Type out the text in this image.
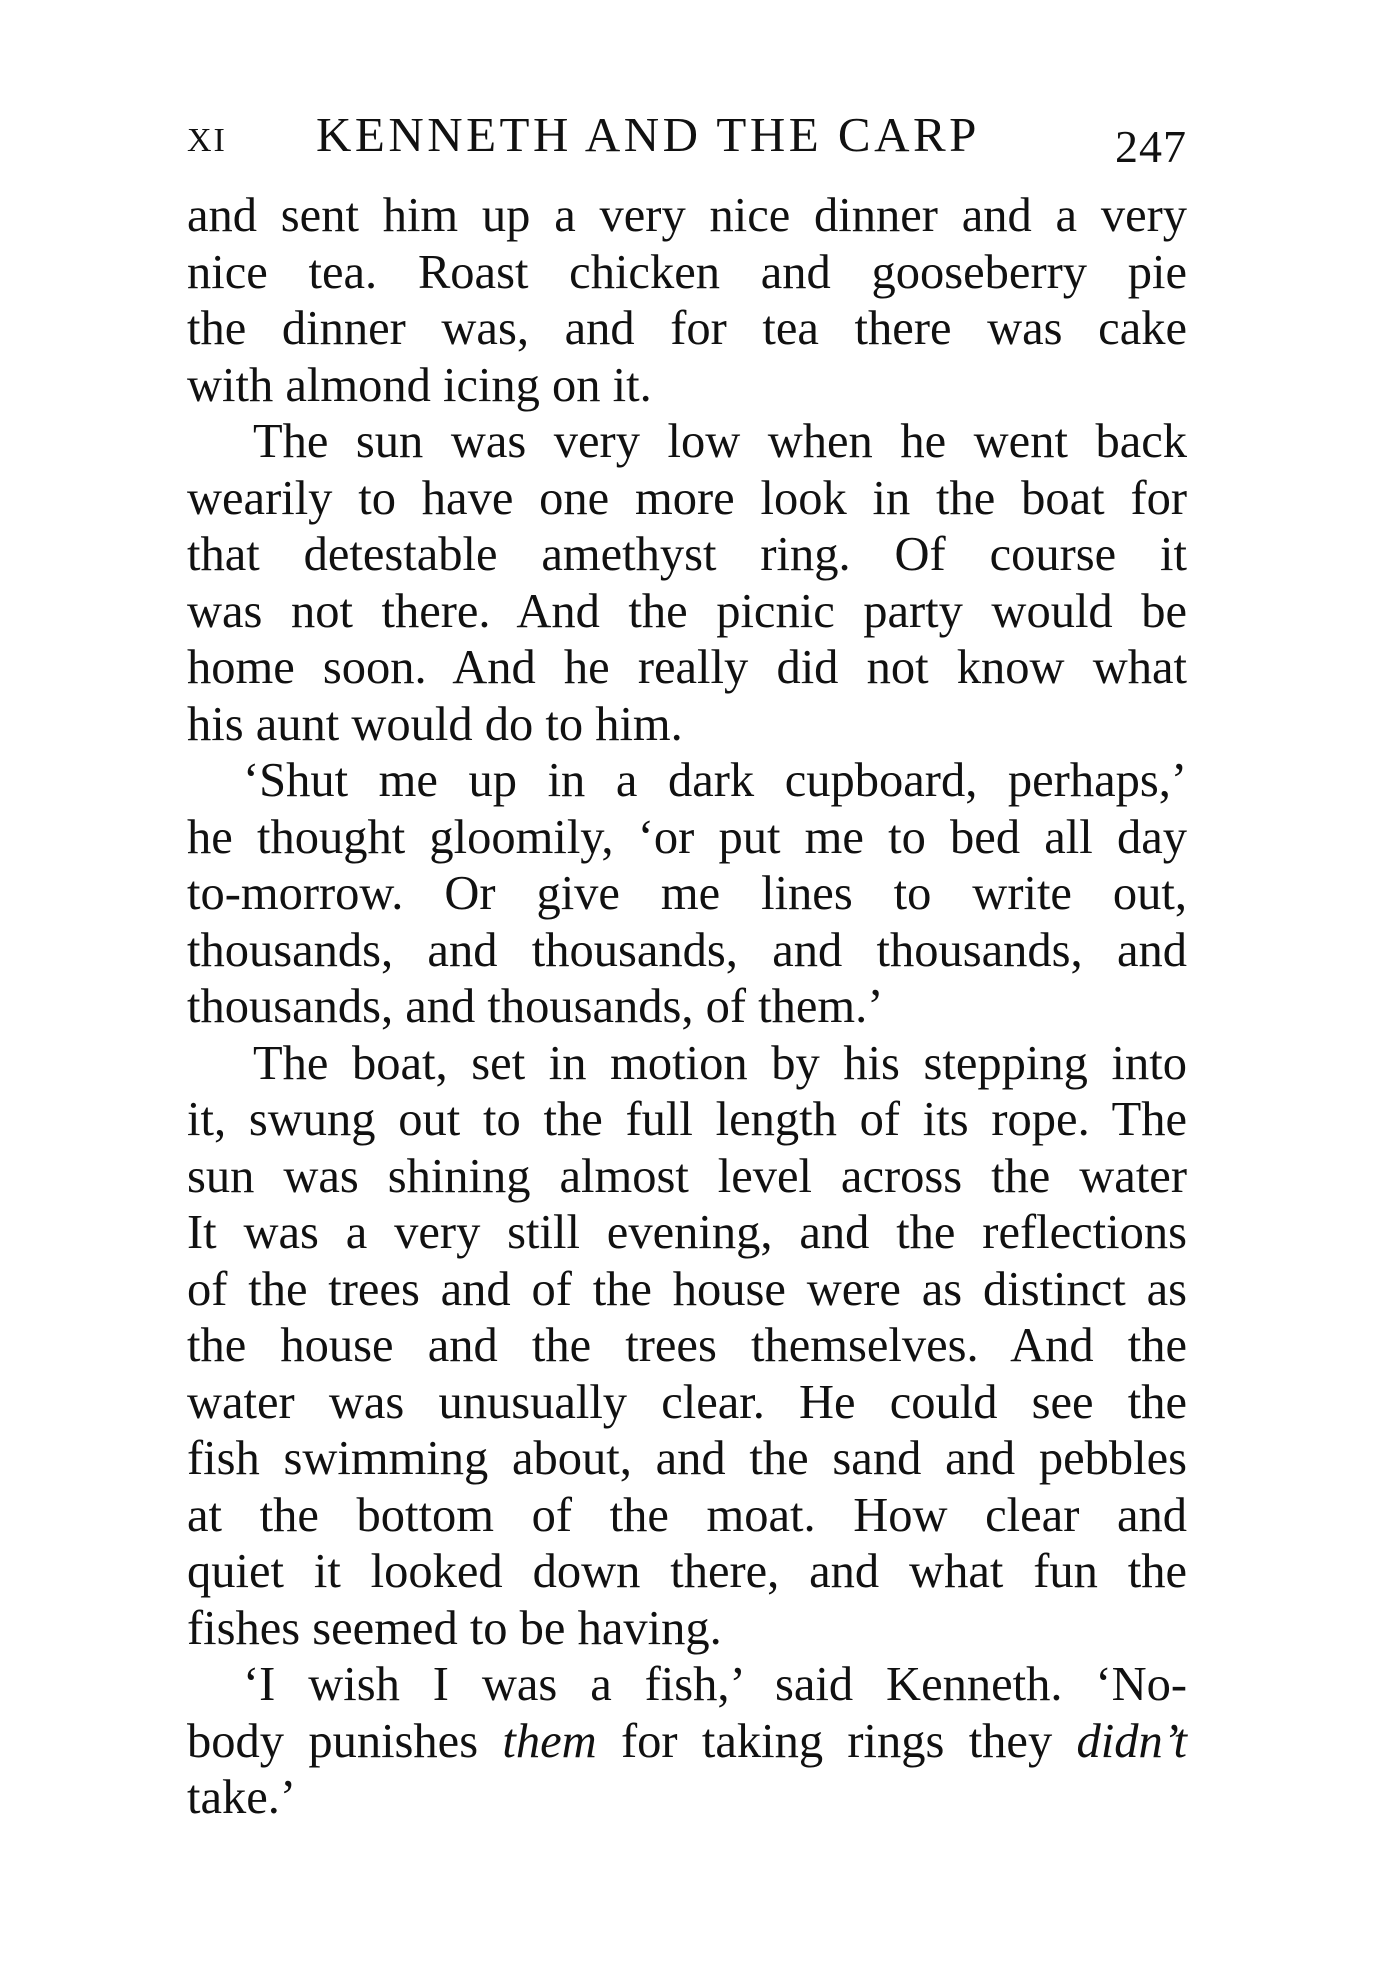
XI KENNETH AND THE CARP	247
and sent him up a very nice dinner and a very
nice tea. Roast chicken and gooseberry pie
the dinner was, and for tea there was cake
with almond icing on it.
The sun was very low when he went back
wearily to have one more look in the boat for
that detestable amethyst ring. Of course it
was not there. And the picnic party would be
home soon. And he really did not know what
his aunt would do to him.
‘Shut me up in a dark cupboard, perhaps,’
he thought gloomily, ‘or put me to bed all day
to-morrow. Or give me lines to write out,
thousands, and thousands, and thousands, and
thousands, and thousands, of them.’
The boat, set in motion by his stepping into
it, swung out to the full length of its rope. The
sun was shining almost level across the water
It was a very still evening, and the reflections
of the trees and of the house were as distinct as
the house and the trees themselves. And the
water was unusually clear. He could see the
fish swimming about, and the sand and pebbles
at the bottom of the moat. How clear and
quiet it looked down there, and what fun the
fishes seemed to be having.
‘I wish I was a fish,’ said Kenneth. ‘No-
body punishes them for taking rings they didn’t
take.’
